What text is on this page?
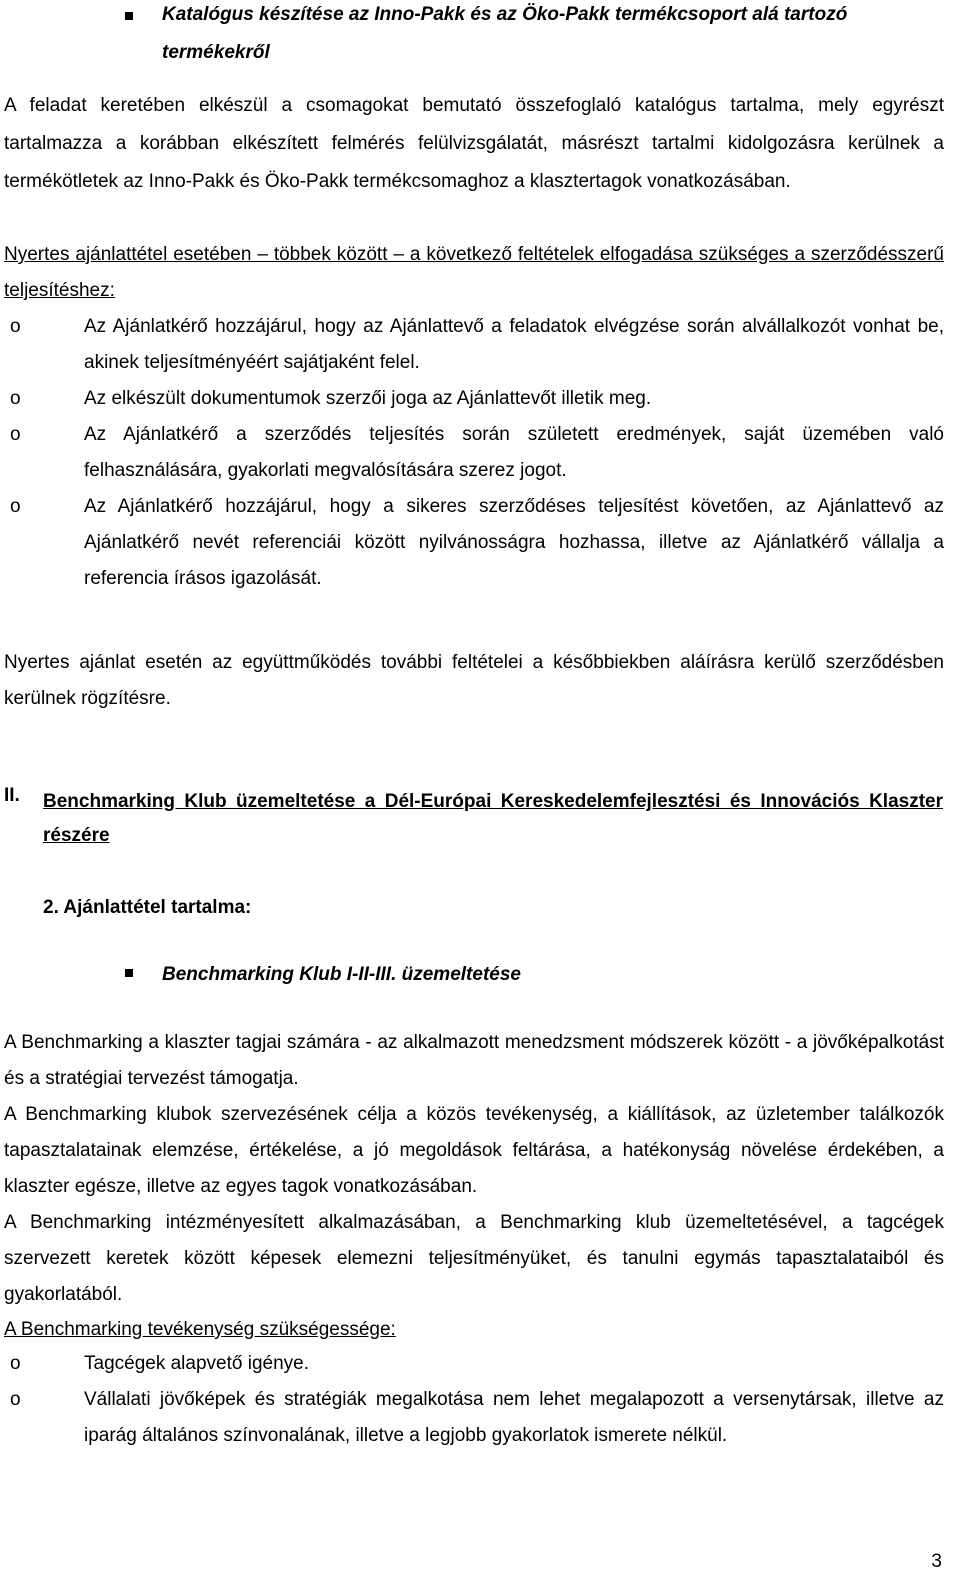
Katalógus készítése az Inno-Pakk és az Öko-Pakk termékcsoport alá tartozó termékekről
A feladat keretében elkészül a csomagokat bemutató összefoglaló katalógus tartalma, mely egyrészt tartalmazza a korábban elkészített felmérés felülvizsgálatát, másrészt tartalmi kidolgozásra kerülnek a termékötletek az Inno-Pakk és Öko-Pakk termékcsomaghoz a klasztertagok vonatkozásában.
Nyertes ajánlattétel esetében – többek között – a következő feltételek elfogadása szükséges a szerződésszerű teljesítéshez:
o	Az Ajánlatkérő hozzájárul, hogy az Ajánlattevő a feladatok elvégzése során alvállalkozót vonhat be, akinek teljesítményéért sajátjaként felel.
o	Az elkészült dokumentumok szerzői joga az Ajánlattevőt illetik meg.
o	Az Ajánlatkérő a szerződés teljesítés során született eredmények, saját üzemében való felhasználására, gyakorlati megvalósítására szerez jogot.
o	Az Ajánlatkérő hozzájárul, hogy a sikeres szerződéses teljesítést követően, az Ajánlattevő az Ajánlatkérő nevét referenciái között nyilvánosságra hozhassa, illetve az Ajánlatkérő vállalja a referencia írásos igazolását.
Nyertes ajánlat esetén az együttműködés további feltételei a későbbiekben aláírásra kerülő szerződésben kerülnek rögzítésre.
II. Benchmarking Klub üzemeltetése a Dél-Európai Kereskedelemfejlesztési és Innovációs Klaszter részére
2. Ajánlattétel tartalma:
Benchmarking Klub I-II-III. üzemeltetése
A Benchmarking a klaszter tagjai számára - az alkalmazott menedzsment módszerek között - a jövőképalkotást és a stratégiai tervezést támogatja.
A Benchmarking klubok szervezésének célja a közös tevékenység, a kiállítások, az üzletember találkozók tapasztalatainak elemzése, értékelése, a jó megoldások feltárása, a hatékonyság növelése érdekében, a klaszter egésze, illetve az egyes tagok vonatkozásában.
A Benchmarking intézményesített alkalmazásában, a Benchmarking klub üzemeltetésével, a tagcégek szervezett keretek között képesek elemezni teljesítményüket, és tanulni egymás tapasztalataiból és gyakorlatából.
A Benchmarking tevékenység szükségessége:
o	Tagcégek alapvető igénye.
o	Vállalati jövőképek és stratégiák megalkotása nem lehet megalapozott a versenytársak, illetve az iparág általános színvonalának, illetve a legjobb gyakorlatok ismerete nélkül.
3
